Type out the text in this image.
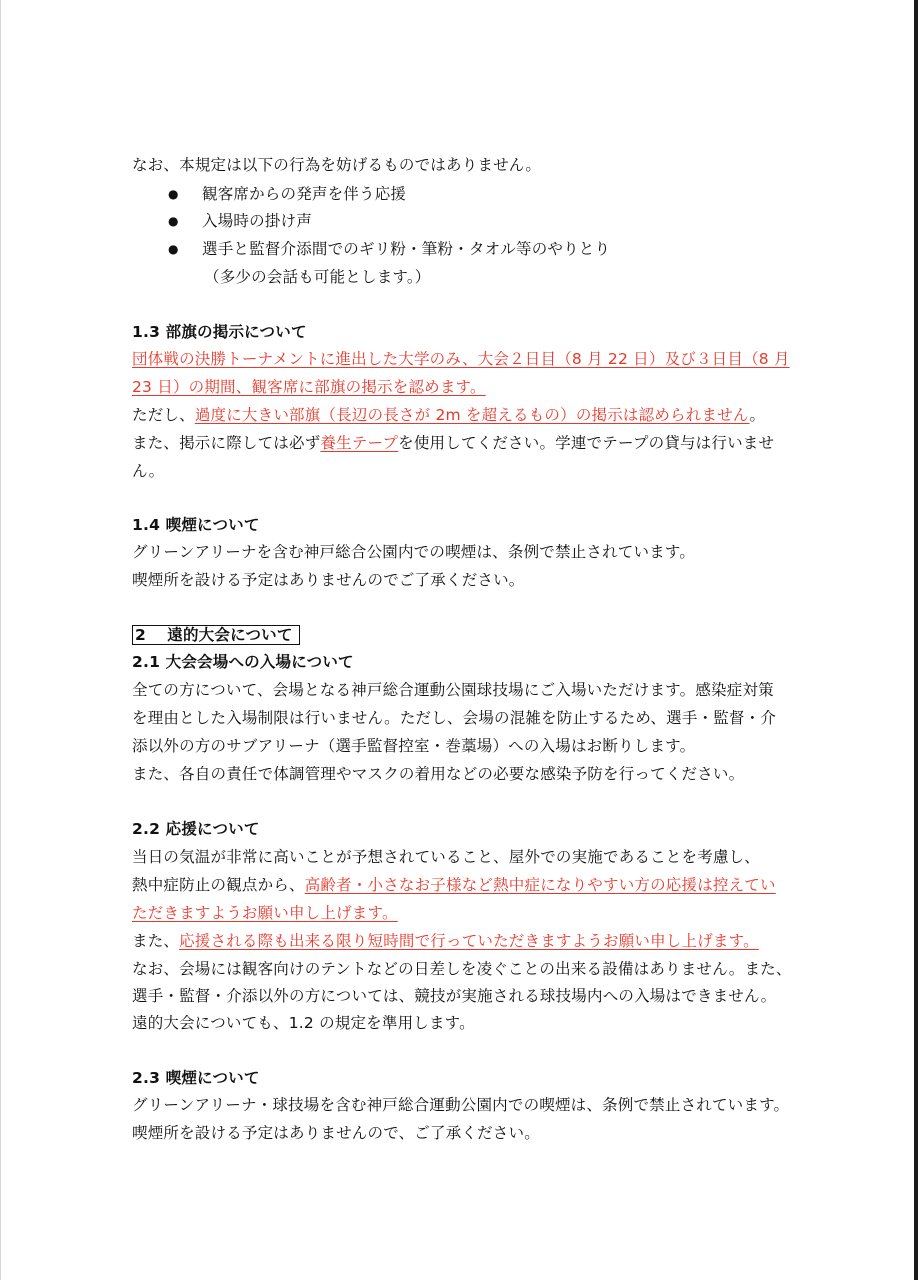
なお、本規定は以下の行為を妨げるものではありません。
● 観客席からの発声を伴う応援
● 入場時の掛け声
● 選手と監督介添間でのギリ粉・筆粉・タオル等のやりとり
（多少の会話も可能とします。）
1.3 部旗の掲示について
団体戦の決勝トーナメントに進出した大学のみ、大会２日目（8 月 22 日）及び３日目（8 月
23 日）の期間、観客席に部旗の掲示を認めます。
ただし、過度に大きい部旗（長辺の長さが 2m を超えるもの）の掲示は認められません。
また、掲示に際しては必ず養生テープを使用してください。学連でテープの貸与は行いませ
ん。
1.4 喫煙について
グリーンアリーナを含む神戸総合公園内での喫煙は、条例で禁止されています。
喫煙所を設ける予定はありませんのでご了承ください。
2　 遠的大会について
2.1 大会会場への入場について
全ての方について、会場となる神戸総合運動公園球技場にご入場いただけます。感染症対策
を理由とした入場制限は行いません。ただし、会場の混雑を防止するため、選手・監督・介
添以外の方のサブアリーナ（選手監督控室・巻藁場）への入場はお断りします。
また、各自の責任で体調管理やマスクの着用などの必要な感染予防を行ってください。
2.2 応援について
当日の気温が非常に高いことが予想されていること、屋外での実施であることを考慮し、
熱中症防止の観点から、高齢者・小さなお子様など熱中症になりやすい方の応援は控えてい
ただきますようお願い申し上げます。
また、応援される際も出来る限り短時間で行っていただきますようお願い申し上げます。
なお、会場には観客向けのテントなどの日差しを凌ぐことの出来る設備はありません。また、
選手・監督・介添以外の方については、競技が実施される球技場内への入場はできません。
遠的大会についても、1.2 の規定を準用します。
2.3 喫煙について
グリーンアリーナ・球技場を含む神戸総合運動公園内での喫煙は、条例で禁止されています。
喫煙所を設ける予定はありませんので、ご了承ください。
